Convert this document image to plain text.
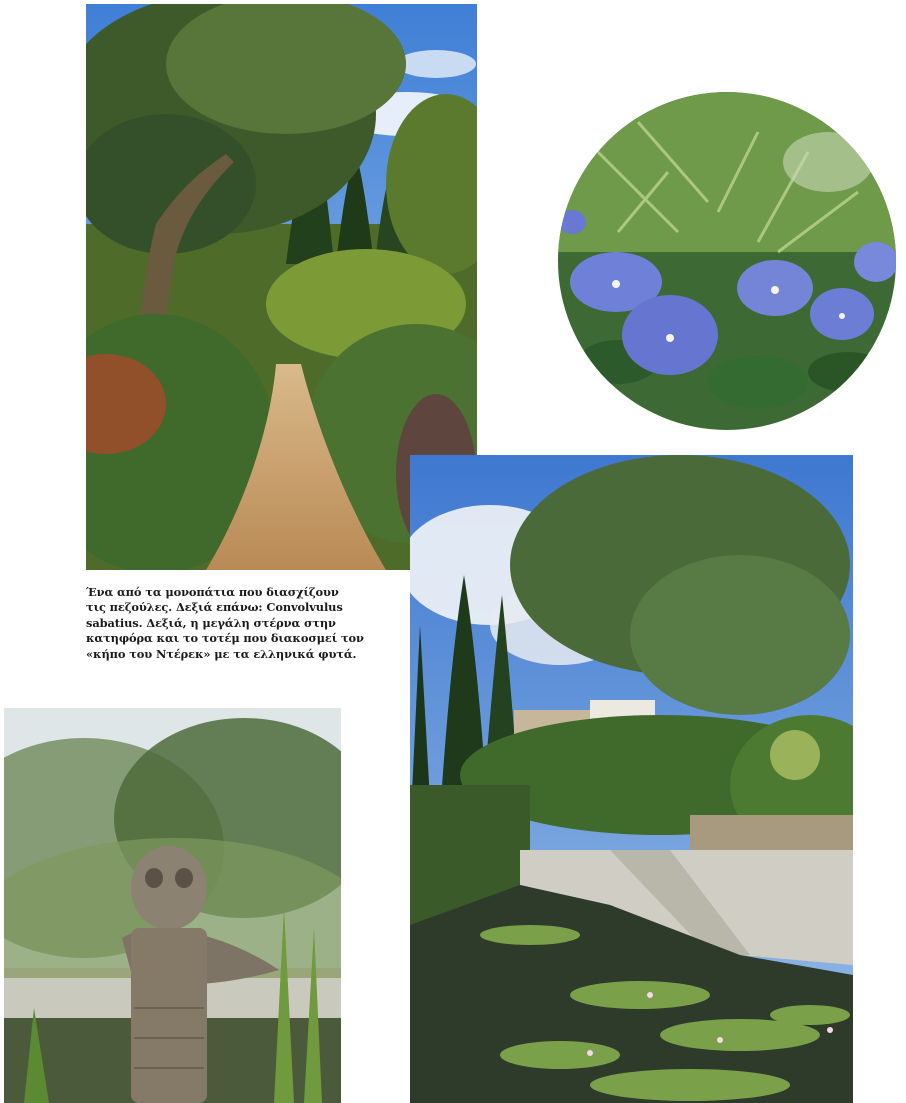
Ένα από τα μονοπάτια που διασχίζουν
τις πεζούλες. Δεξιά επάνω: Convolvulus
sabatius. Δεξιά, η μεγάλη στέρνα στην
κατηφόρα και το τοτέμ που διακοσμεί τον
«κήπο του Ντέρεκ» με τα ελληνικά φυτά.
